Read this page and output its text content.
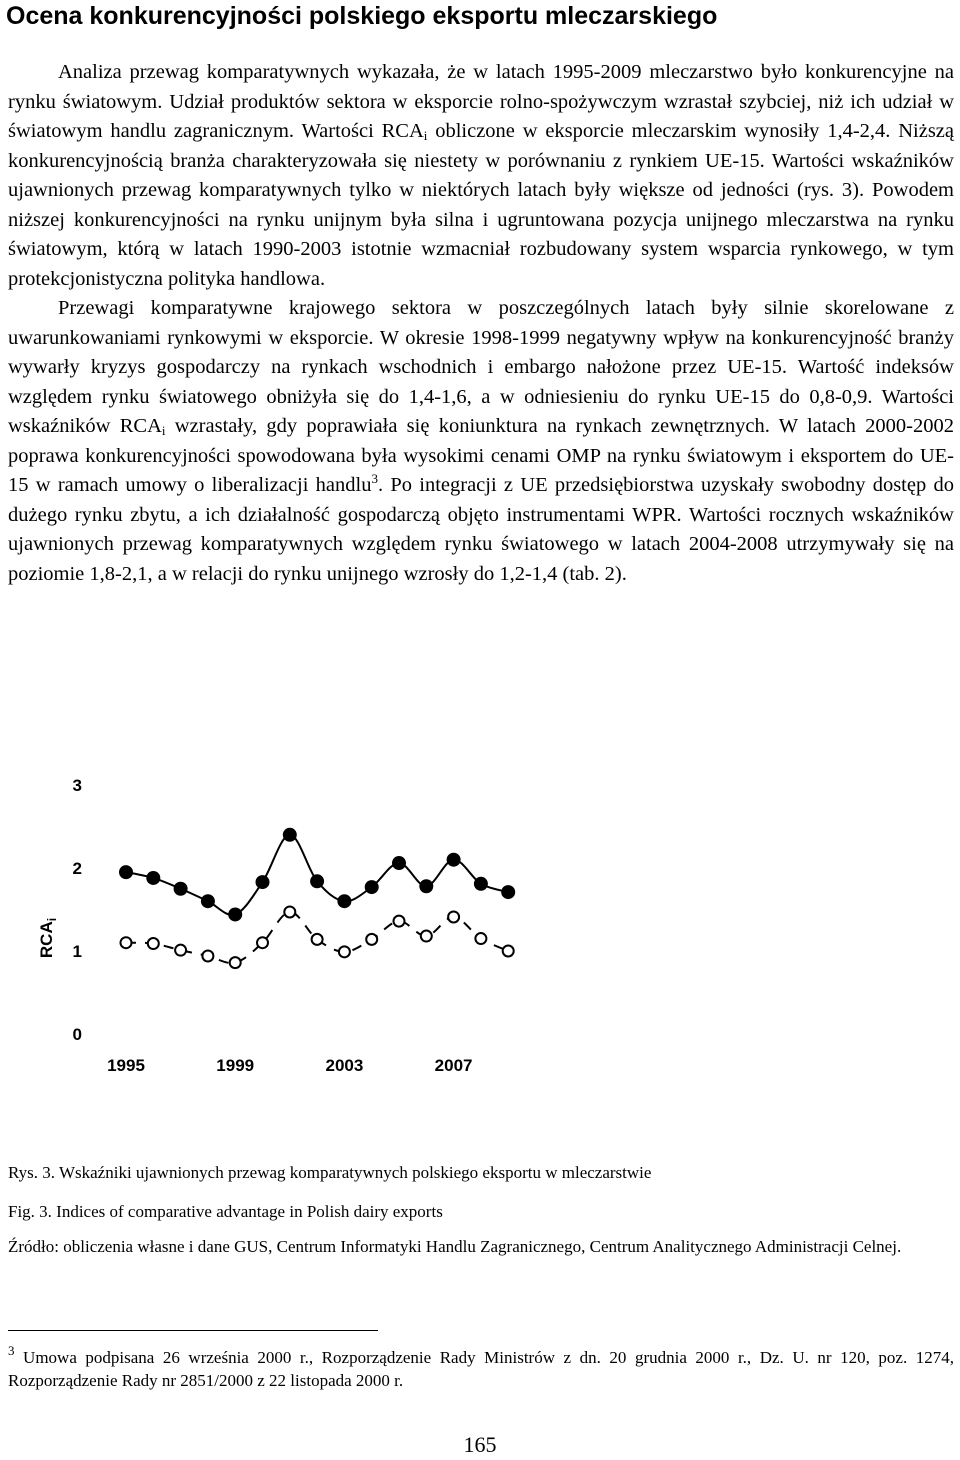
Ocena konkurencyjności polskiego eksportu mleczarskiego

Analiza przewag komparatywnych wykazała, że w latach 1995-2009 mleczarstwo było konkurencyjne na rynku światowym. Udział produktów sektora w eksporcie rolno-spożywczym wzrastał szybciej, niż ich udział w światowym handlu zagranicznym. Wartości $RCA_i$ obliczone w eksporcie mleczarskim wynosiły 1,4-2,4. Niższą konkurencyjnością branża charakteryzowała się niestety w porównaniu z rynkiem UE-15. Wartości wskaźników ujawnionych przewag komparatywnych tylko w niektórych latach były większe od jedności (rys. 3). Powodem niższej konkurencyjności na rynku unijnym była silna i ugruntowana pozycja unijnego mleczarstwa na rynku światowym, którą w latach 1990-2003 istotnie wzmacniał rozbudowany system wsparcia rynkowego, w tym protekcjonistyczna polityka handlowa.

Przewagi komparatywne krajowego sektora w poszczególnych latach były silnie skorelowane z uwarunkowaniami rynkowymi w eksporcie. W okresie 1998-1999 negatywny wpływ na konkurencyjność branży wywarły kryzys gospodarczy na rynkach wschodnich i embargo nałożone przez UE-15. Wartość indeksów względem rynku światowego obniżyła się do 1,4-1,6, a w odniesieniu do rynku UE-15 do 0,8-0,9. Wartości wskaźników $RCA_i$ wzrastały, gdy poprawiała się koniunktura na rynkach zewnętrznych. W latach 2000-2002 poprawa konkurencyjności spowodowana była wysokimi cenami OMP na rynku światowym i eksportem do UE-15 w ramach umowy o liberalizacji handlu$^3$. Po integracji z UE przedsiębiorstwa uzyskały swobodny dostęp do dużego rynku zbytu, a ich działalność gospodarczą objęto instrumentami WPR. Wartości rocznych wskaźników ujawnionych przewag komparatywnych względem rynku światowego w latach 2004-2008 utrzymywały się na poziomie 1,8-2,1, a w relacji do rynku unijnego wzrosły do 1,2-1,4 (tab. 2).

$RCA_i$
0
1
2
3
1995	1999	2003	2007

Rys. 3. Wskaźniki ujawnionych przewag komparatywnych polskiego eksportu w mleczarstwie

Fig. 3. Indices of comparative advantage in Polish dairy exports

Źródło: obliczenia własne i dane GUS, Centrum Informatyki Handlu Zagranicznego, Centrum Analitycznego Administracji Celnej.

$^3$ Umowa podpisana 26 września 2000 r., Rozporządzenie Rady Ministrów z dn. 20 grudnia 2000 r., Dz. U. nr 120, poz. 1274, Rozporządzenie Rady nr 2851/2000 z 22 listopada 2000 r.

165
